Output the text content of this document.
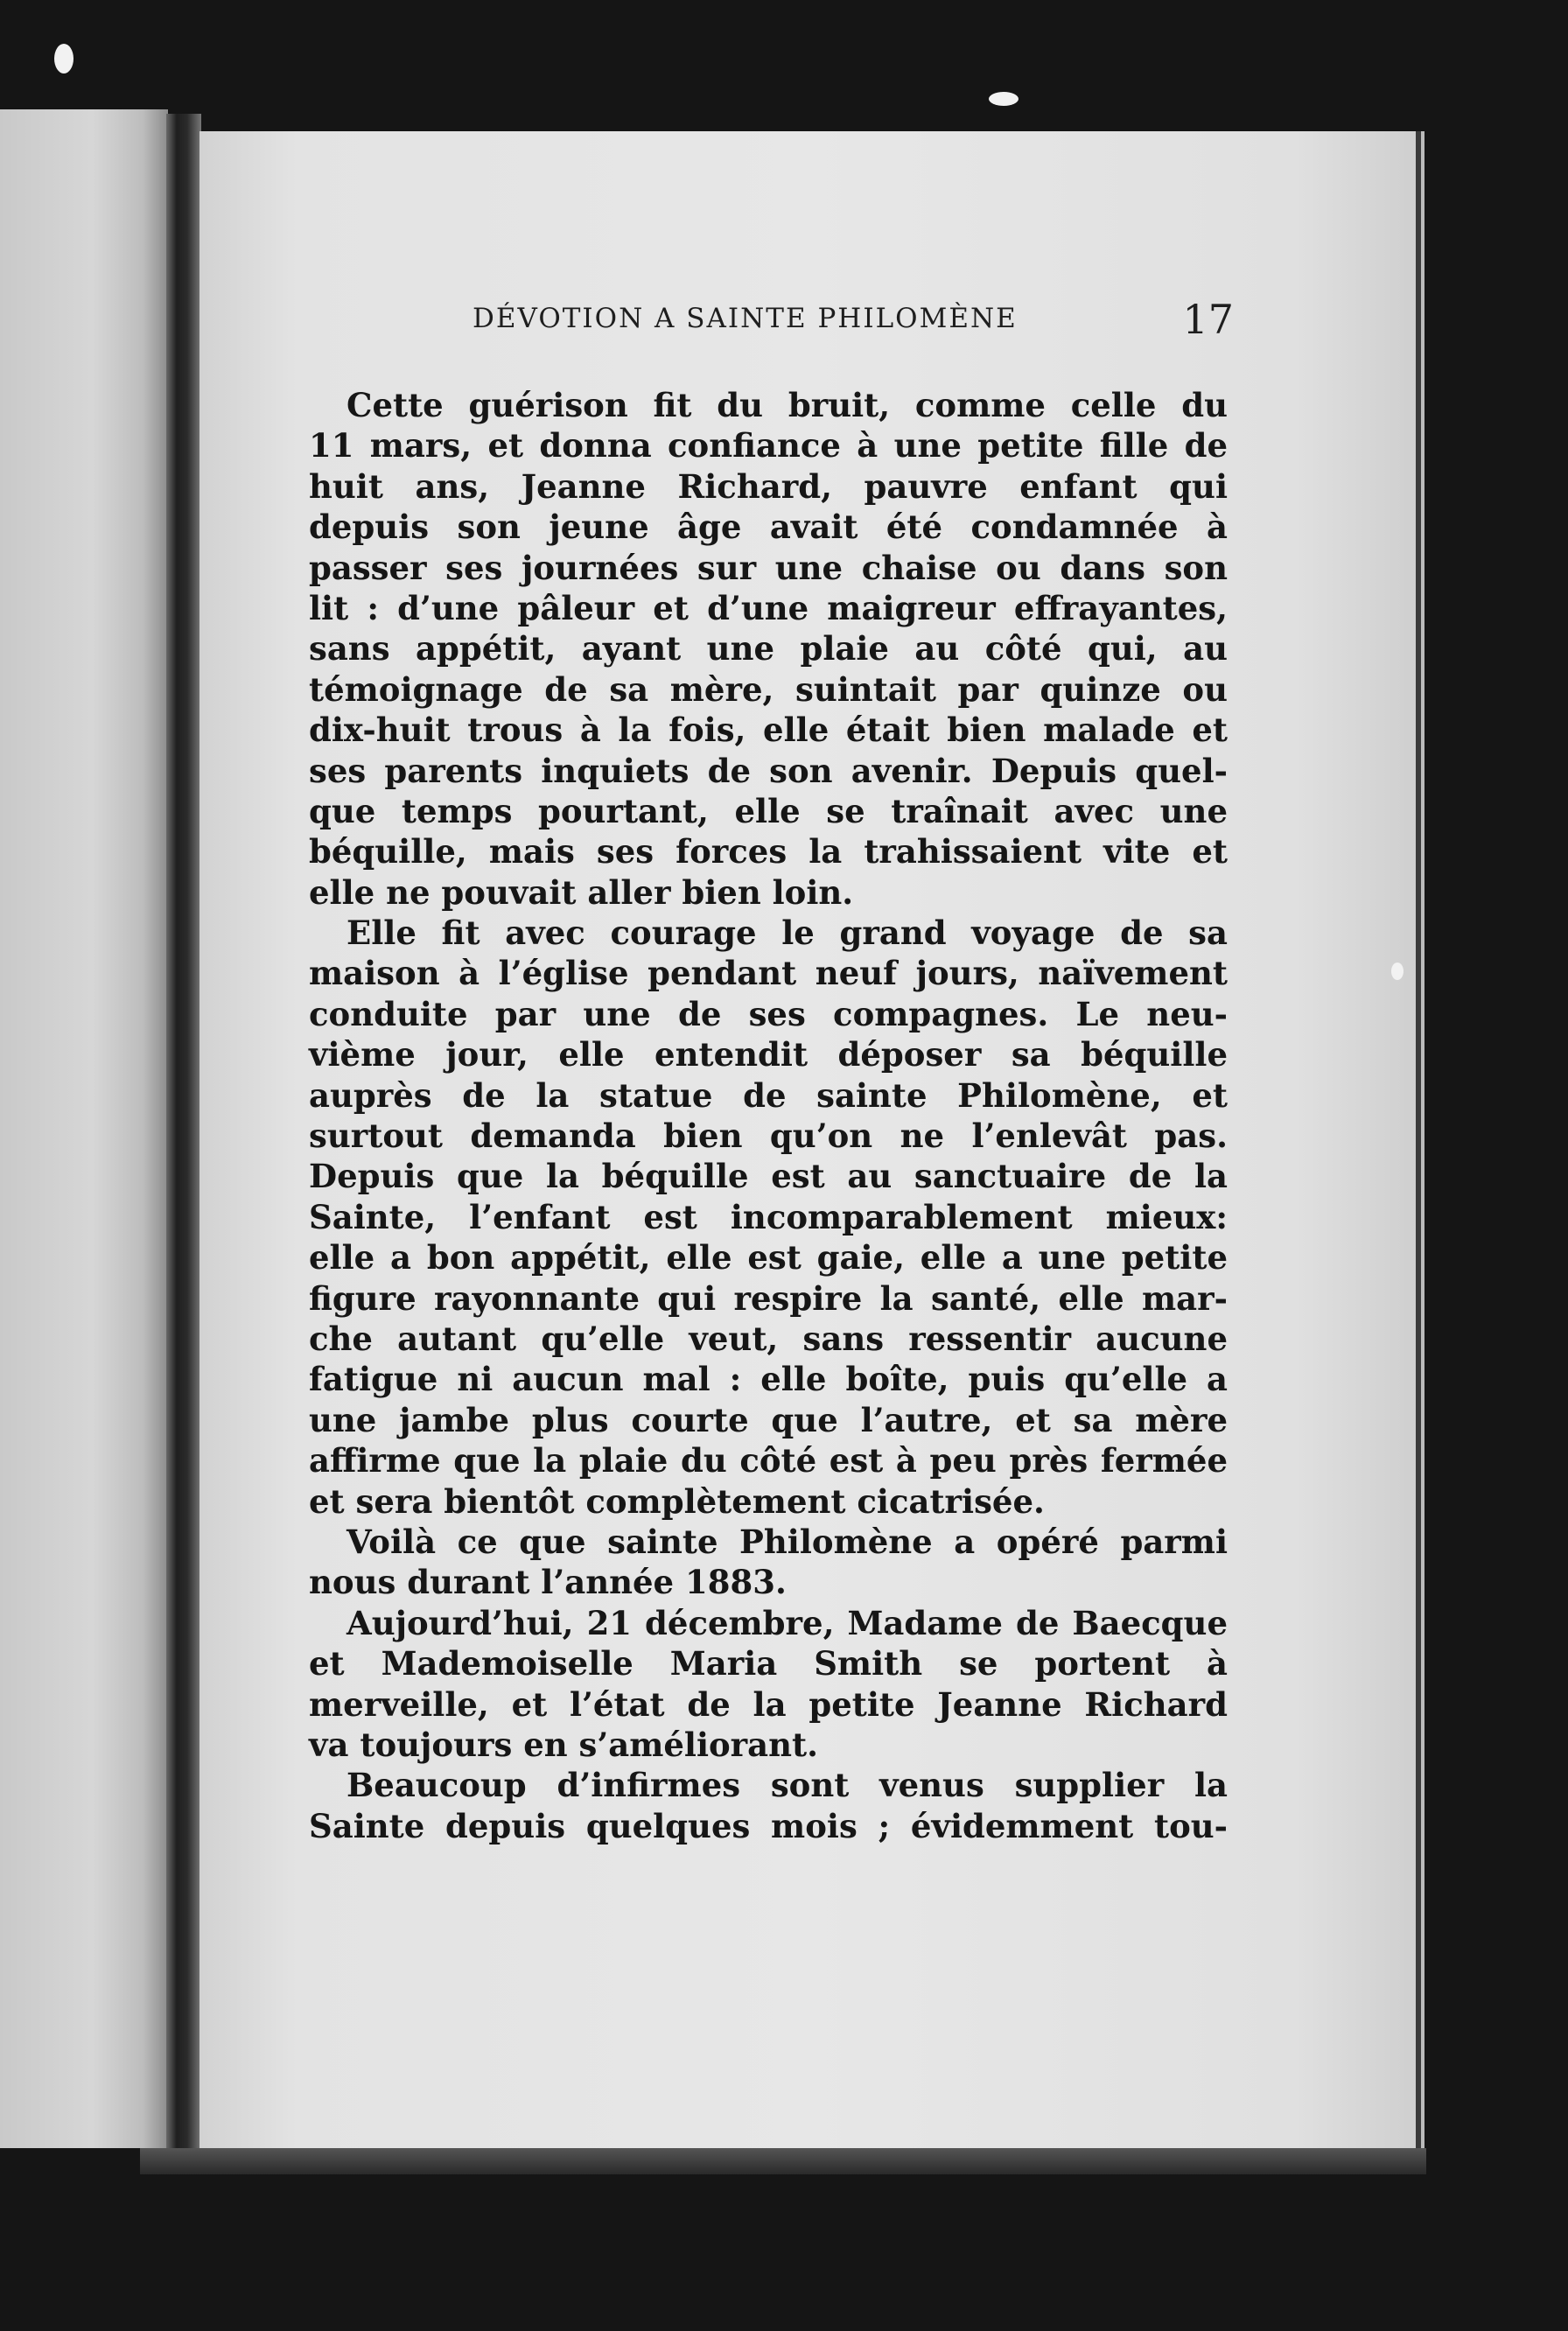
DÉVOTION A SAINTE PHILOMÈNE	17
Cette guérison fit du bruit, comme celle du
11 mars, et donna confiance à une petite fille de
huit ans, Jeanne Richard, pauvre enfant qui
depuis son jeune âge avait été condamnée à
passer ses journées sur une chaise ou dans son
lit : d’une pâleur et d’une maigreur effrayantes,
sans appétit, ayant une plaie au côté qui, au
témoignage de sa mère, suintait par quinze ou
dix-huit trous à la fois, elle était bien malade et
ses parents inquiets de son avenir. Depuis quel-
que temps pourtant, elle se traînait avec une
béquille, mais ses forces la trahissaient vite et
elle ne pouvait aller bien loin.
Elle fit avec courage le grand voyage de sa
maison à l’église pendant neuf jours, naïvement
conduite par une de ses compagnes. Le neu-
vième jour, elle entendit déposer sa béquille
auprès de la statue de sainte Philomène, et
surtout demanda bien qu’on ne l’enlevât pas.
Depuis que la béquille est au sanctuaire de la
Sainte, l’enfant est incomparablement mieux:
elle a bon appétit, elle est gaie, elle a une petite
figure rayonnante qui respire la santé, elle mar-
che autant qu’elle veut, sans ressentir aucune
fatigue ni aucun mal : elle boîte, puis qu’elle a
une jambe plus courte que l’autre, et sa mère
affirme que la plaie du côté est à peu près fermée
et sera bientôt complètement cicatrisée.
Voilà ce que sainte Philomène a opéré parmi
nous durant l’année 1883.
Aujourd’hui, 21 décembre, Madame de Baecque
et Mademoiselle Maria Smith se portent à
merveille, et l’état de la petite Jeanne Richard
va toujours en s’améliorant.
Beaucoup d’infirmes sont venus supplier la
Sainte depuis quelques mois ; évidemment tou-
